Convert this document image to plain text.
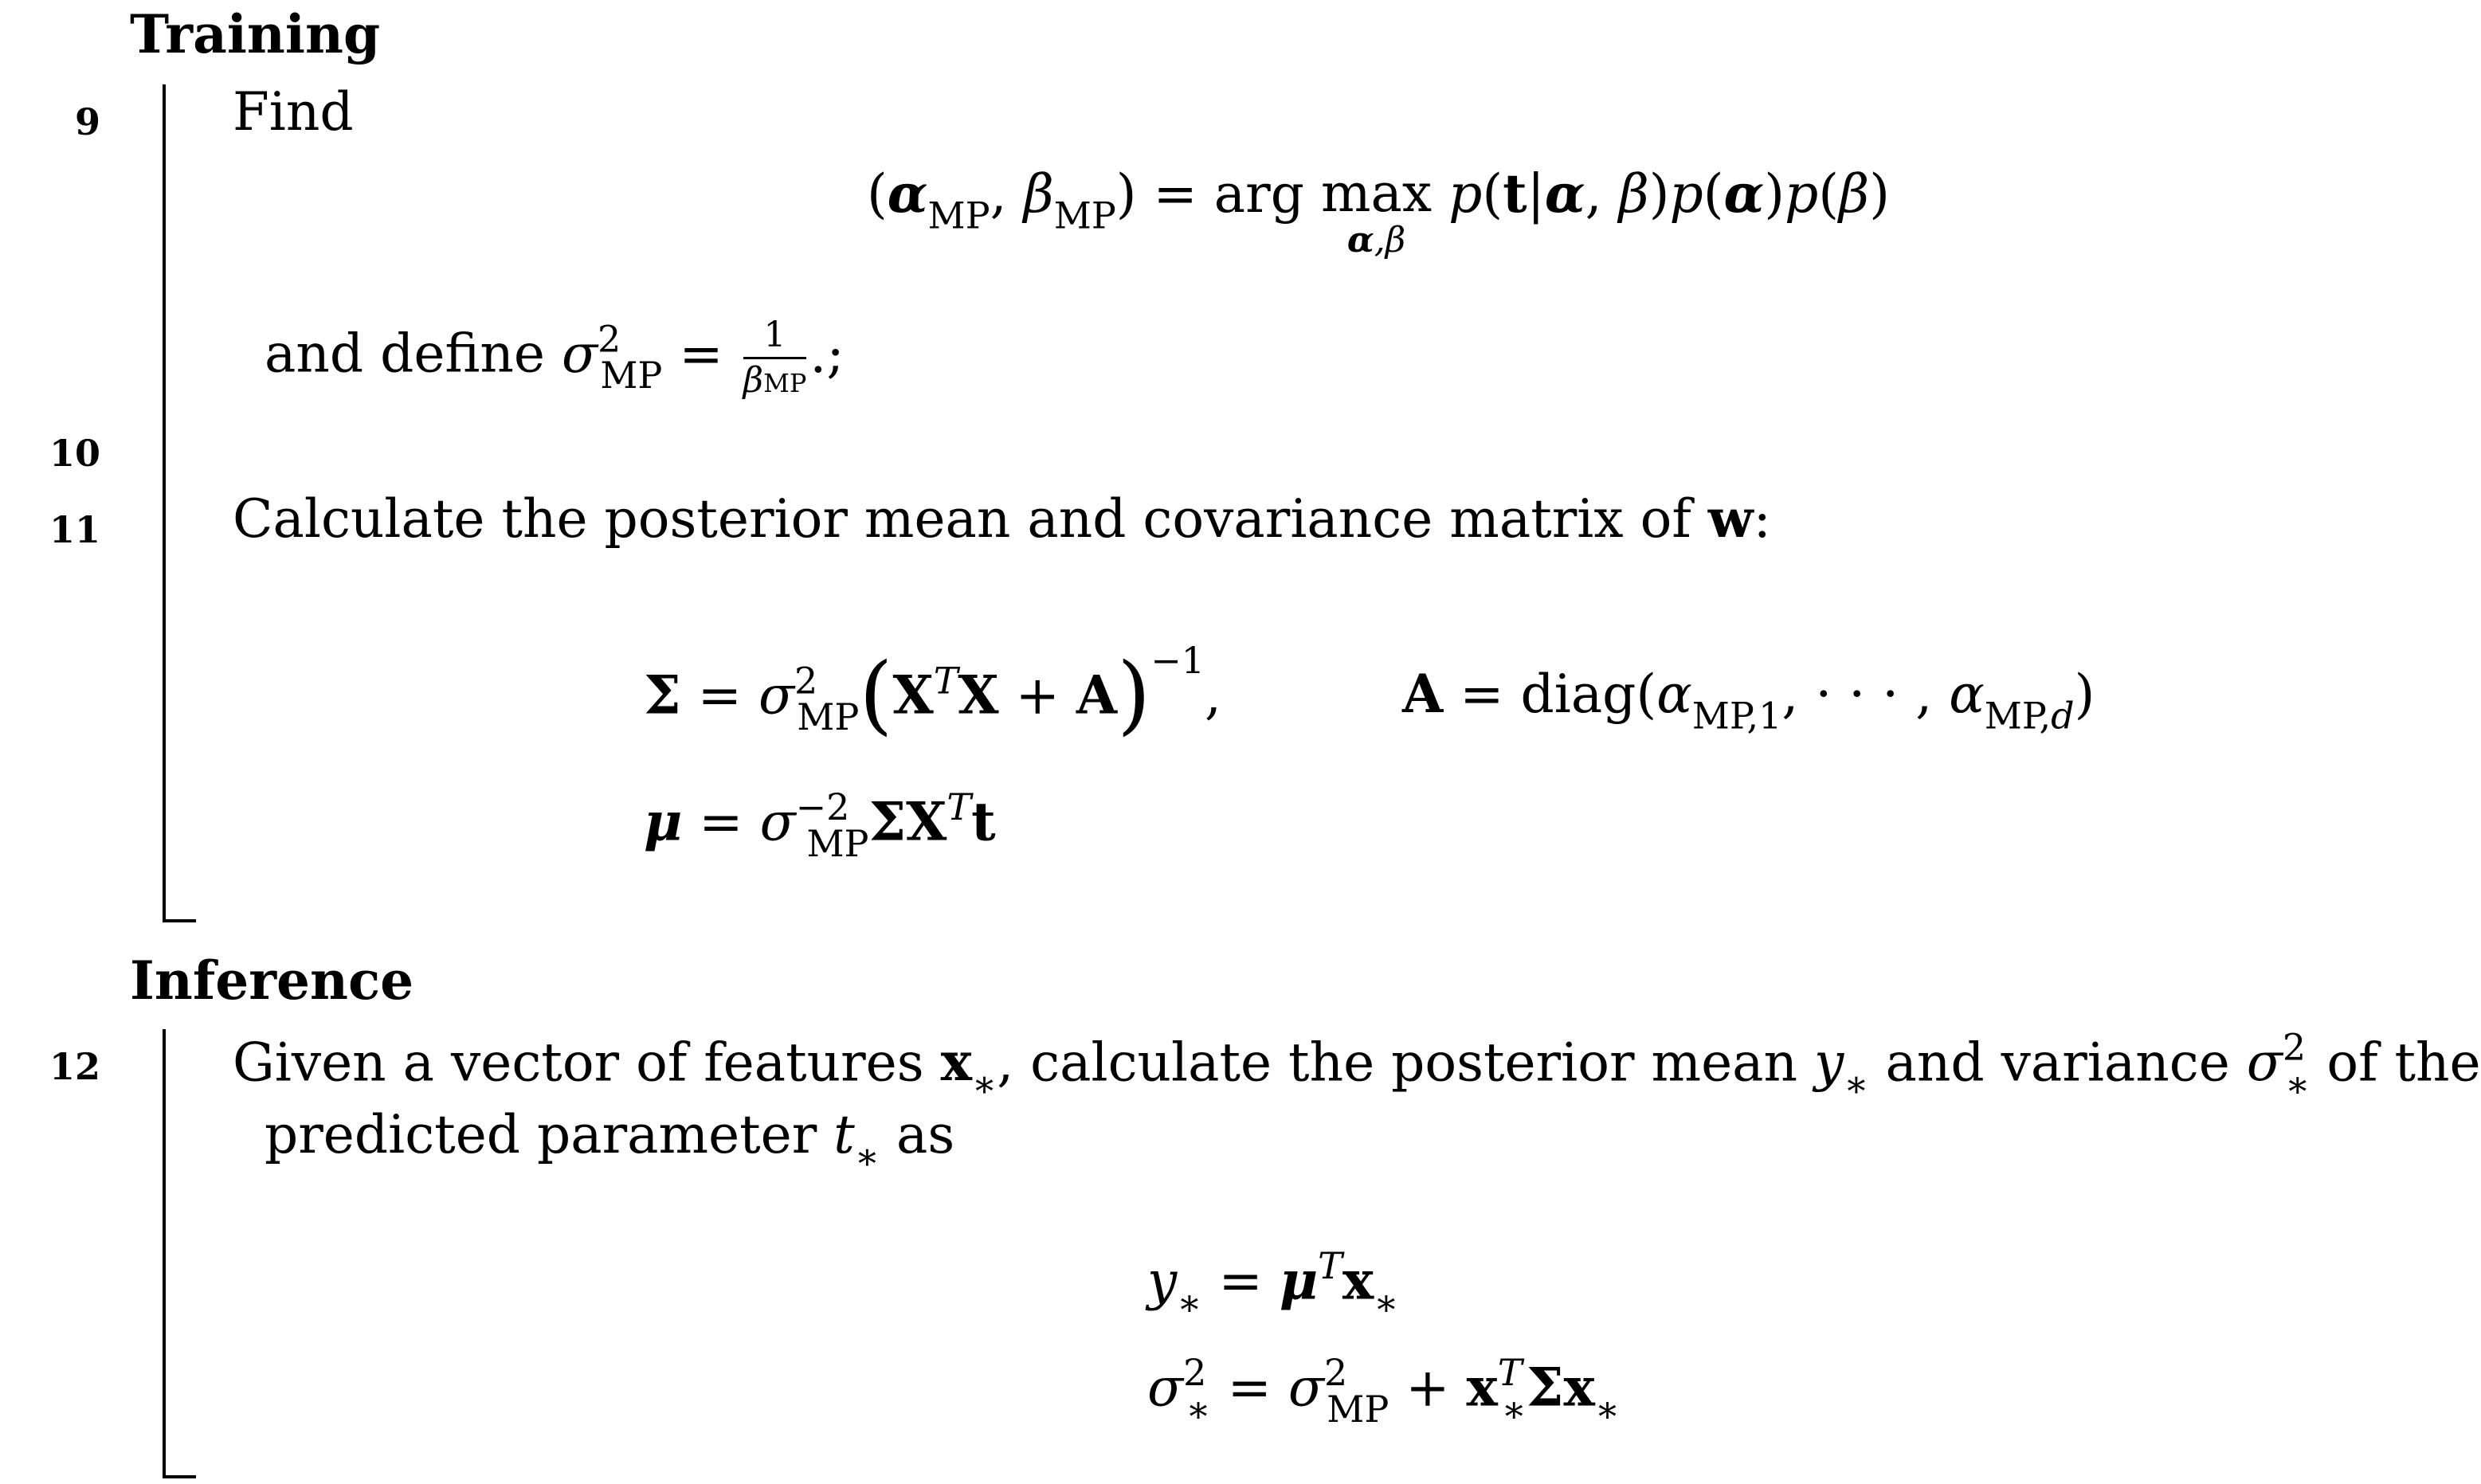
Training
9	Find
($\alpha_{MP}$, $\beta_{MP}$) = arg max
α,β
p(t|α, β)p(α)p(β)
and define $\sigma^2_{MP} = \frac{1}{\text{βMP}}$ .;
10
11	Calculate the posterior mean and covariance matrix of w:
$\Sigma = \sigma^2_{MP}(X^TX + A)^{-1}$,	$A = diag(\alpha_{MP,1}$, · · · , $\alpha_{MP,d}$)
$\mu = \sigma^{-2}_{MP}\Sigma X^Tt$
Inference
12	Given a vector of features $x_∗$, calculate the posterior mean $y_∗$ and variance $\sigma^2_∗$ of the
predicted parameter $t_∗$ as
$y_∗ = \mu^Tx_∗$
$\sigma^2_∗ = \sigma^2_{MP} + x^T_∗\Sigma x_∗$
